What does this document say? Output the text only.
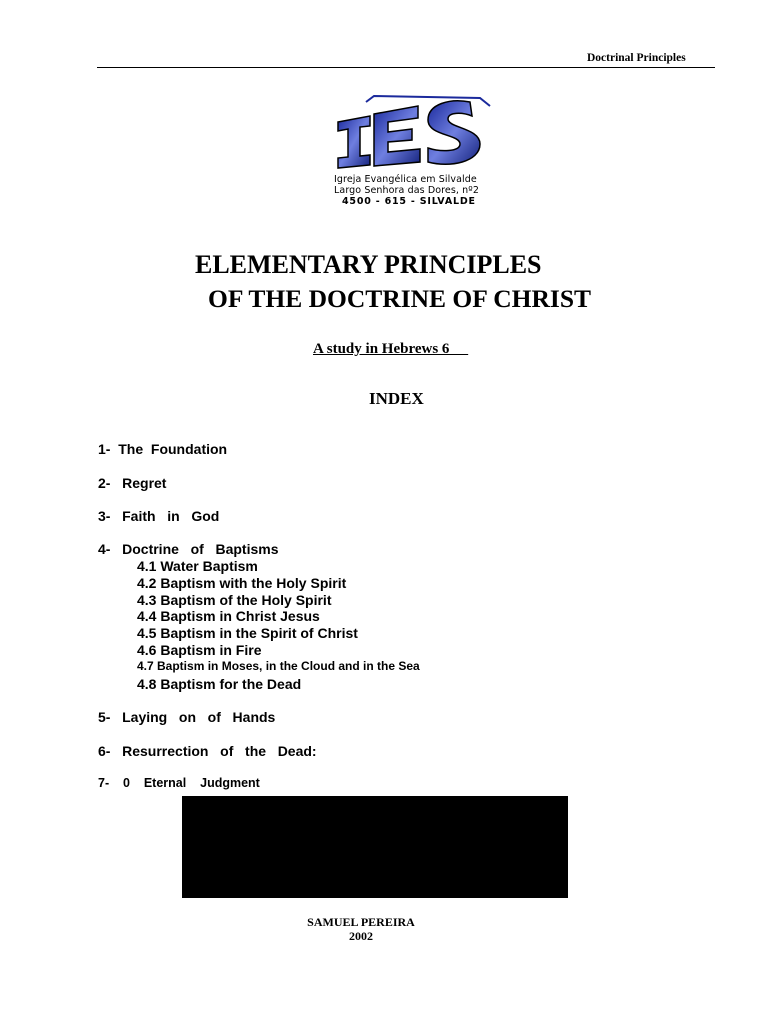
Doctrinal Principles
Igreja Evangélica em Silvalde
Largo Senhora das Dores, nº2
4500 - 615 - SILVALDE
ELEMENTARY PRINCIPLES
OF THE DOCTRINE OF CHRIST
A study in Hebrews 6
INDEX
1-  The  Foundation
2-   Regret
3-   Faith   in   God
4-   Doctrine   of   Baptisms
4.1 Water Baptism
4.2 Baptism with the Holy Spirit
4.3 Baptism of the Holy Spirit
4.4 Baptism in Christ Jesus
4.5 Baptism in the Spirit of Christ
4.6 Baptism in Fire
4.7 Baptism in Moses, in the Cloud and in the Sea
4.8 Baptism for the Dead
5-   Laying   on   of   Hands
6-   Resurrection   of   the   Dead:
7-    0    Eternal    Judgment
SAMUEL PEREIRA
2002
